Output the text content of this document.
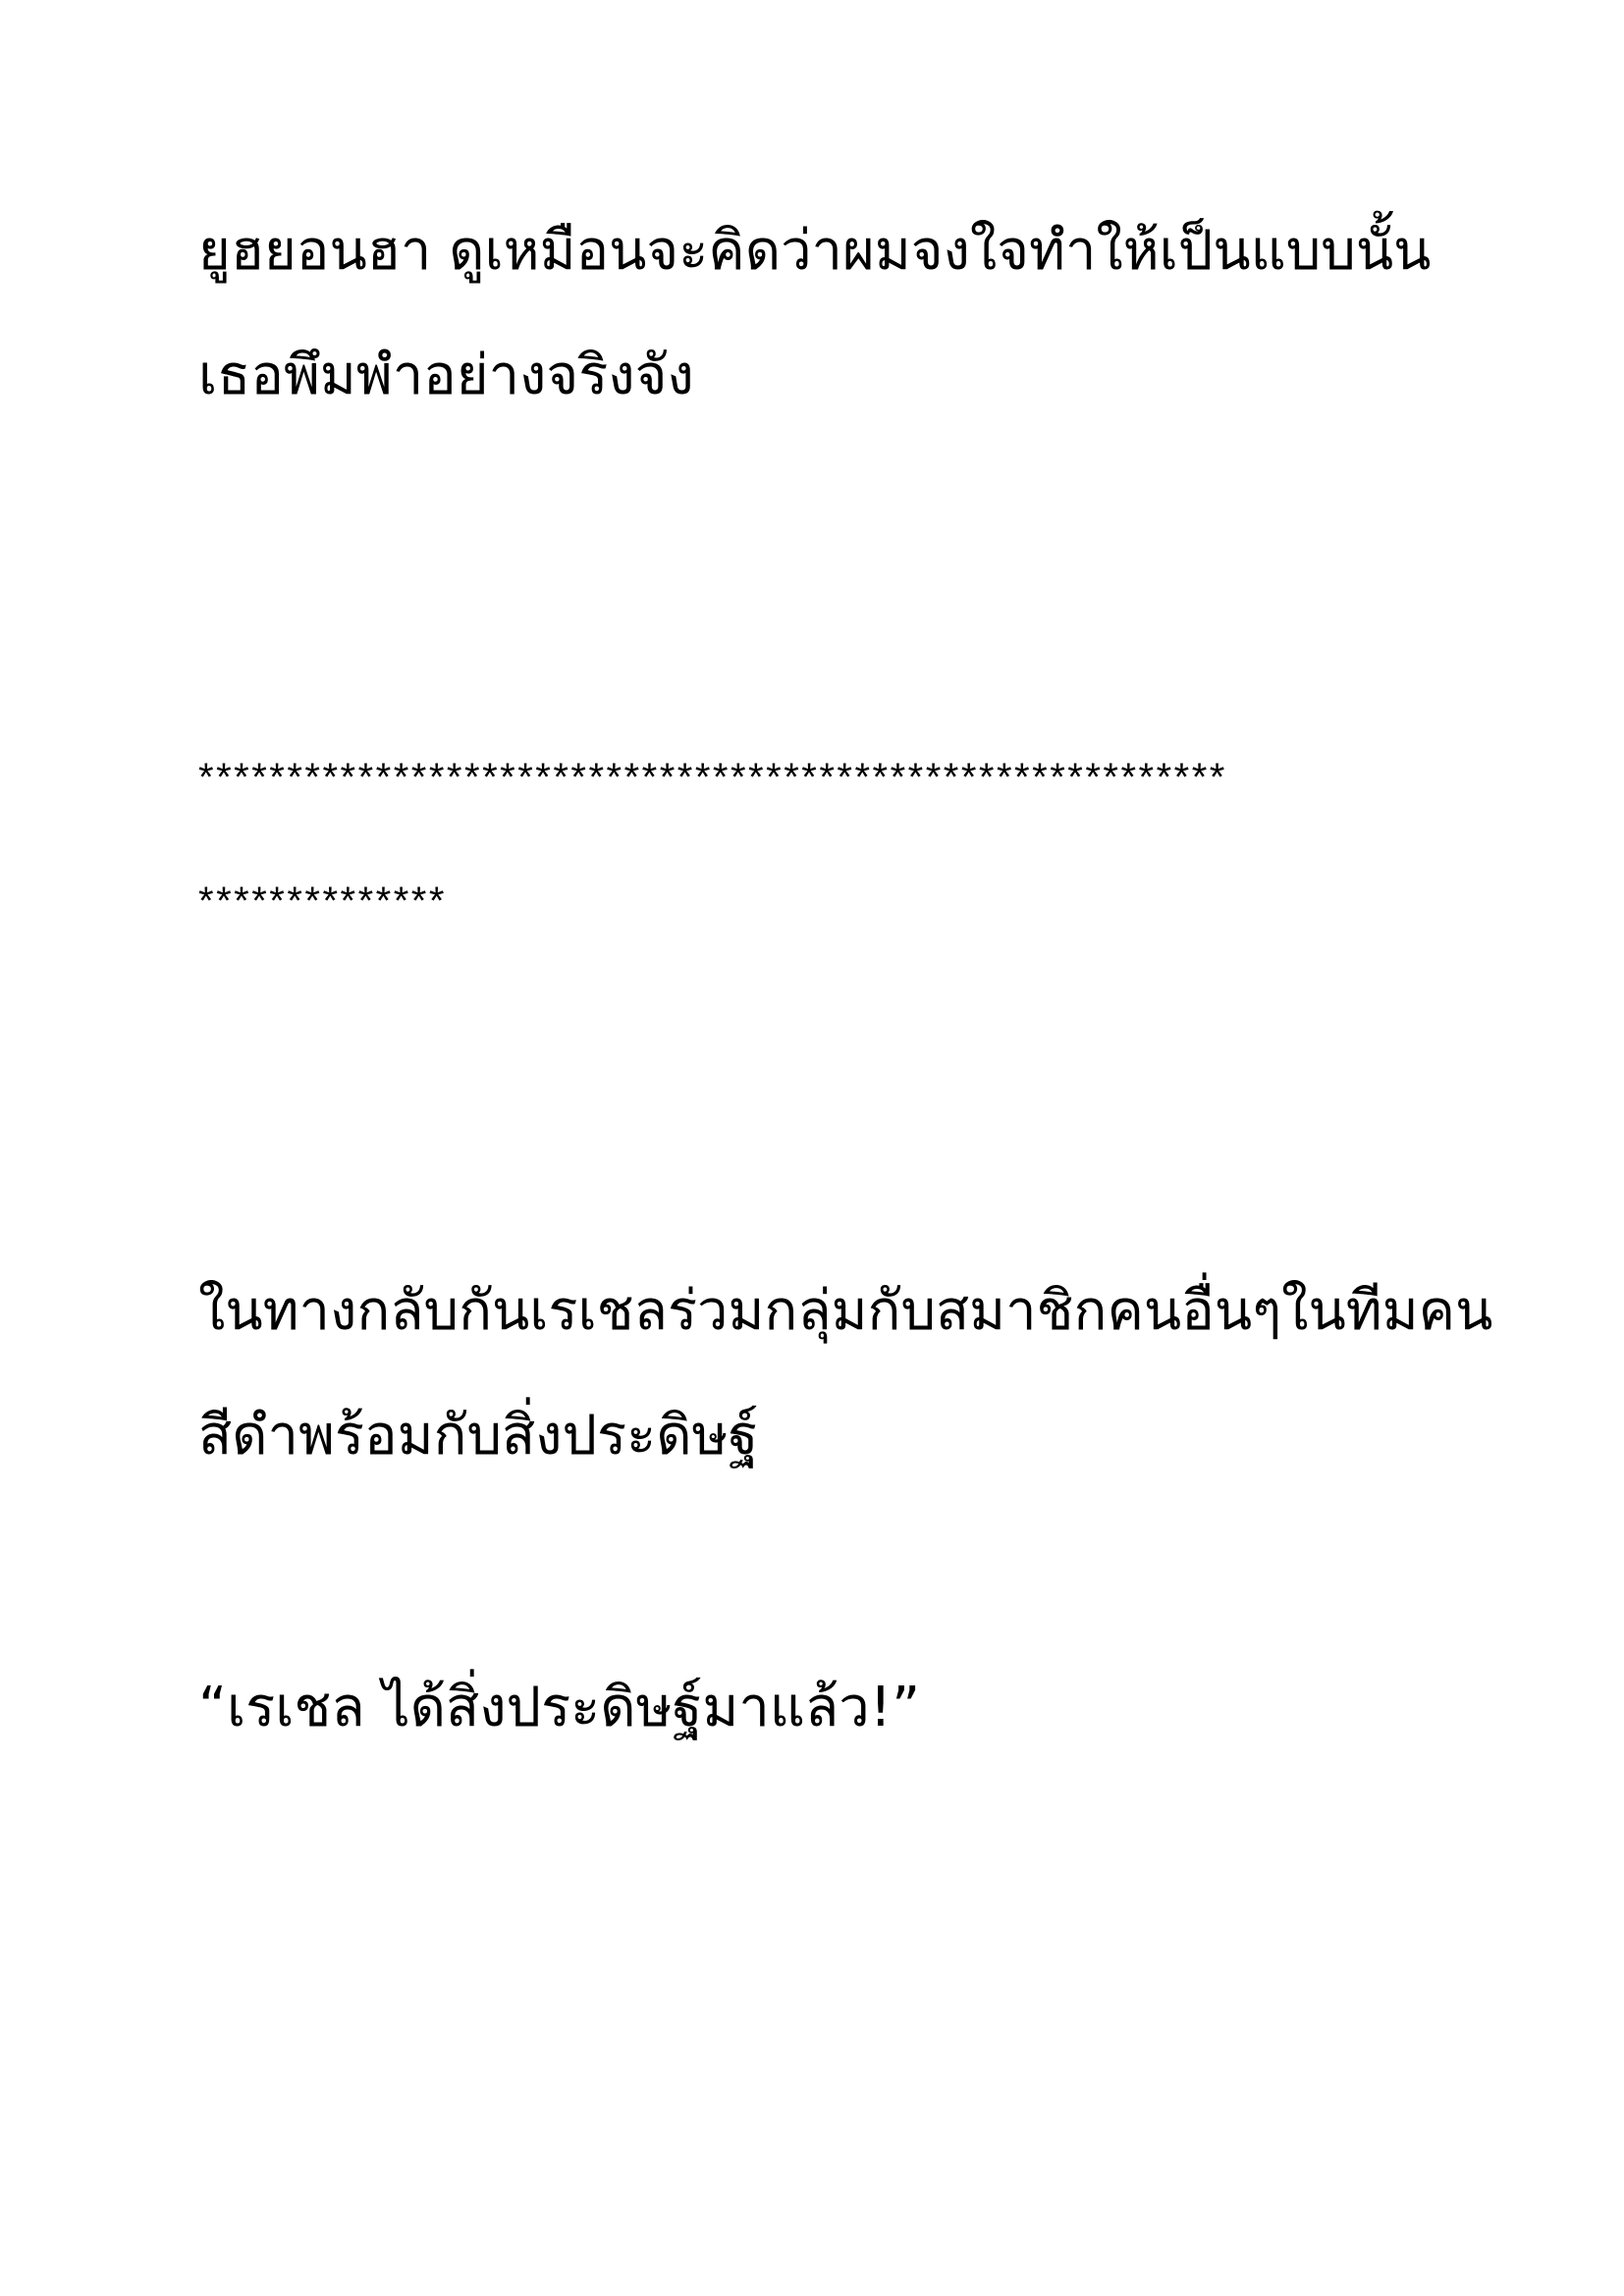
ยูฮยอนฮา ดูเหมือนจะคิดว่าผมจงใจทำให้เป็นแบบนั้น

เธอพึมพำอย่างจริงจัง

**********************************************************

**************

ในทางกลับกันเรเชลร่วมกลุ่มกับสมาชิกคนอื่นๆในทีมคน

สีดำพร้อมกับสิ่งประดิษฐ์

“เรเชล ได้สิ่งประดิษฐ์มาแล้ว!”
